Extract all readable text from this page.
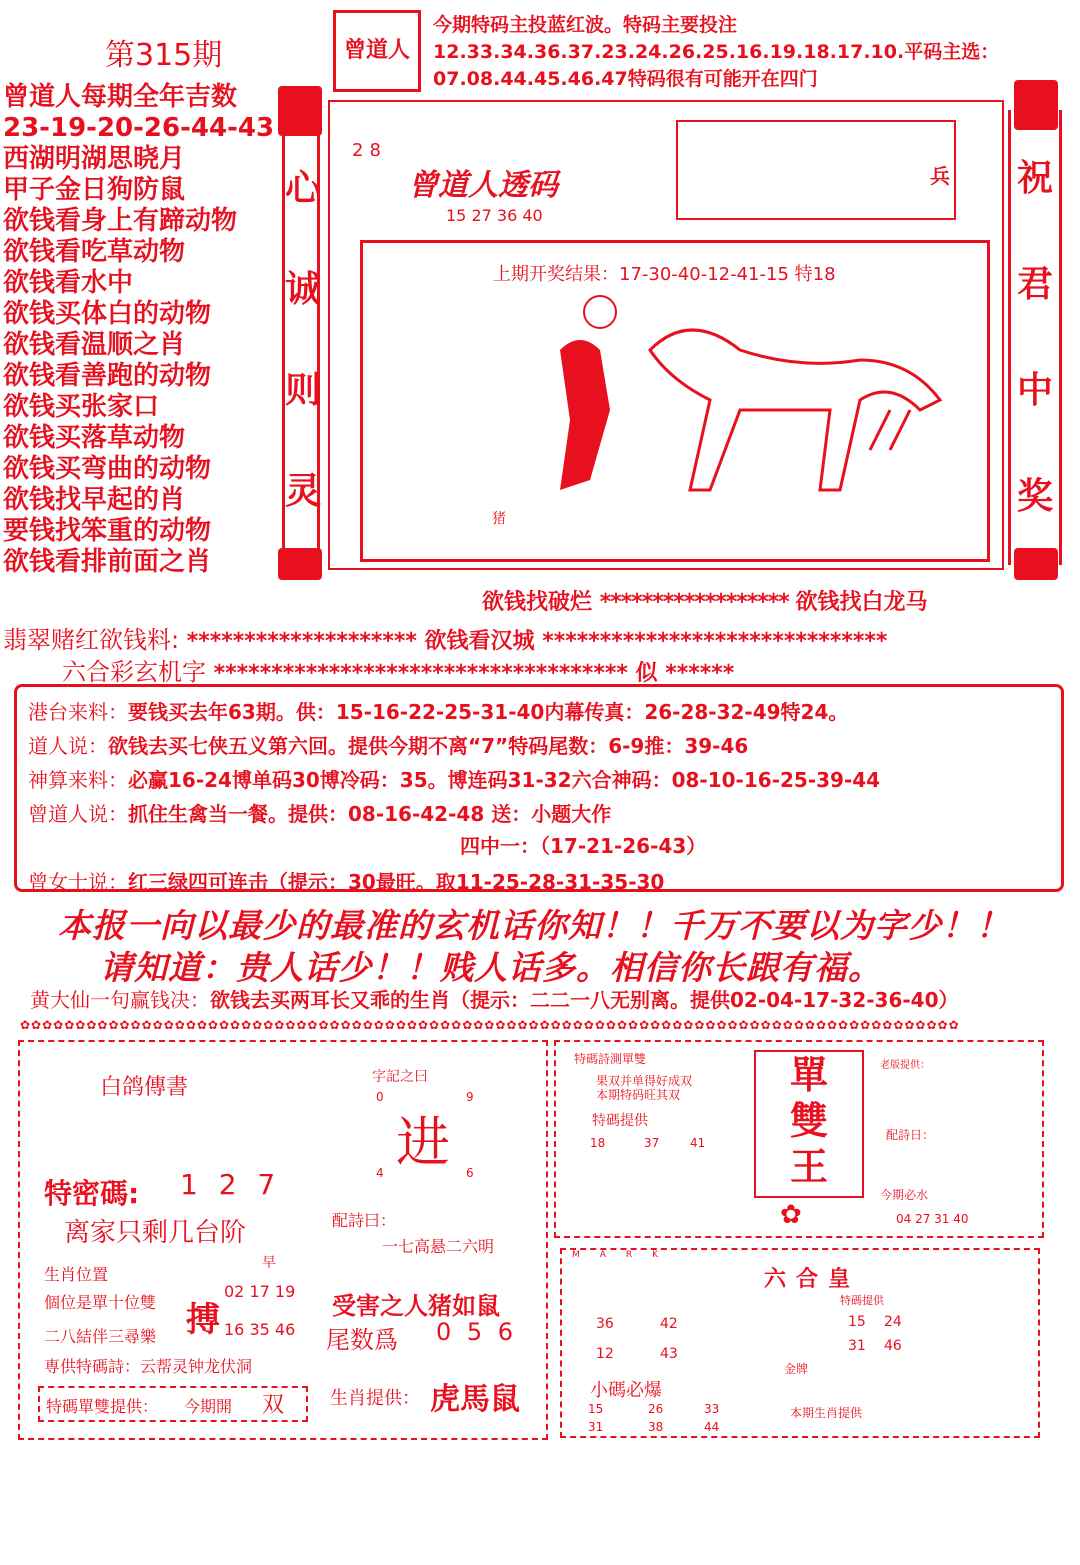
第315期
曾道人每期全年吉数
23-19-20-26-44-43
西湖明湖思晓月
甲子金日狗防鼠
欲钱看身上有蹄动物
欲钱看吃草动物
欲钱看水中
欲钱买体白的动物
欲钱看温顺之肖
欲钱看善跑的动物
欲钱买张家口
欲钱买落草动物
欲钱买弯曲的动物
欲钱找早起的肖
要钱找笨重的动物
欲钱看排前面之肖
曾道人
今期特码主投蓝红波。特码主要投注12.33.34.36.37.23.24.26.25.16.19.18.17.10.平码主选：07.08.44.45.46.47特码很有可能开在四门
心
诚
则
灵
祝
君
中
奖
28
曾道人透码
15 27 36 40
兵
上期开奖结果：17-30-40-12-41-15 特18
猪
欲钱找破烂 ****************** 欲钱找白龙马
翡翠赌红欲钱料: ******************** 欲钱看汉城 ******************************
六合彩玄机字 ************************************ 似 ******
港台来料：要钱买去年63期。供：15-16-22-25-31-40内幕传真：26-28-32-49特24。
道人说：欲钱去买七侠五义第六回。提供今期不离“7”特码尾数：6-9推：39-46
神算来料：必赢16-24博单码30博冷码：35。博连码31-32六合神码：08-10-16-25-39-44
曾道人说：抓住生禽当一餐。提供：08-16-42-48 送：小题大作
四中一：（17-21-26-43）
曾女士说：红三绿四可连击（提示：30最旺。取11-25-28-31-35-30
本报一向以最少的最准的玄机话你知！！千万不要以为字少！！
请知道：贵人话少！！贱人话多。相信你长跟有福。
黄大仙一句赢钱决：欲钱去买两耳长又乖的生肖（提示：二二一八无别离。提供02-04-17-32-36-40）
✿✿✿✿✿✿✿✿✿✿✿✿✿✿✿✿✿✿✿✿✿✿✿✿✿✿✿✿✿✿✿✿✿✿✿✿✿✿✿✿✿✿✿✿✿✿✿✿✿✿✿✿✿✿✿✿✿✿✿✿✿✿✿✿✿✿✿✿✿✿✿✿✿✿✿✿✿✿✿✿✿✿✿✿✿
白鸽傳書
特密碼: 1 2 7
离家只剩几台阶
生肖位置
個位是單十位雙
早
02 17 19
搏 16 35 46
二八結伴三尋樂
専供特碼詩：云帮灵钟龙伏洞
特碼單雙提供： 今期開 双
字記之曰
0	9
进
4	6
配詩曰：
一七高悬二六明
受害之人猪如鼠
尾数爲 0 5 6
生肖提供： 虎馬鼠
特碼詩測單雙
果双并单得好成双
本期特码旺其双
特碼提供
18	37	41
單
雙
王
✿
老版提供：
配詩日：
今期必水
04 27 31 40
MARK
六合皇
特碼提供
36	42
12	43
15 24
31 46
金牌
小碼必爆
15	26	33
31	38	44
本期生肖提供
